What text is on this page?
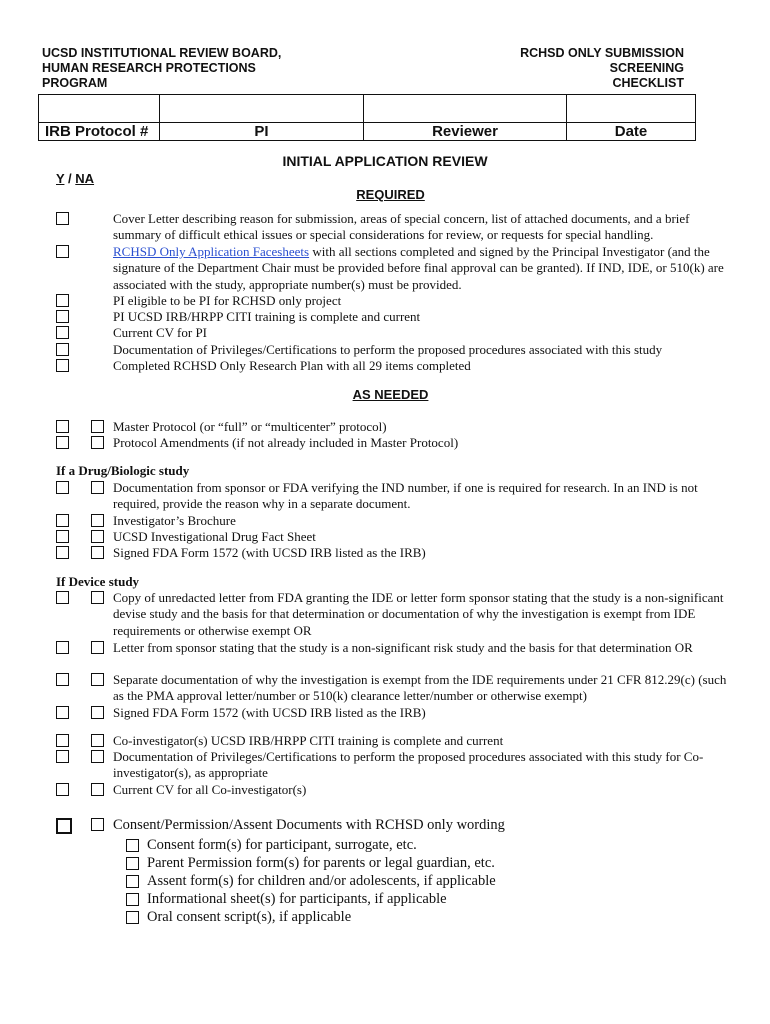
UCSD INSTITUTIONAL REVIEW BOARD,
HUMAN RESEARCH PROTECTIONS
PROGRAM
RCHSD ONLY SUBMISSION
SCREENING
CHECKLIST

IRB Protocol #	PI	Reviewer	Date
INITIAL APPLICATION REVIEW
Y / NA
REQUIRED
Cover Letter describing reason for submission, areas of special concern, list of attached documents, and a brief summary of difficult ethical issues or special considerations for review, or requests for special handling.
RCHSD Only Application Facesheets with all sections completed and signed by the Principal Investigator (and the signature of the Department Chair must be provided before final approval can be granted). If IND, IDE, or 510(k) are associated with the study, appropriate number(s) must be provided.
PI eligible to be PI for RCHSD only project
PI UCSD IRB/HRPP CITI training is complete and current
Current CV for PI
Documentation of Privileges/Certifications to perform the proposed procedures associated with this study
Completed RCHSD Only Research Plan with all 29 items completed
AS NEEDED
Master Protocol (or “full” or “multicenter” protocol)
Protocol Amendments (if not already included in Master Protocol)
If a Drug/Biologic study
Documentation from sponsor or FDA verifying the IND number, if one is required for research. In an IND is not required, provide the reason why in a separate document.
Investigator’s Brochure
UCSD Investigational Drug Fact Sheet
Signed FDA Form 1572 (with UCSD IRB listed as the IRB)
If Device study
Copy of unredacted letter from FDA granting the IDE or letter form sponsor stating that the study is a non-significant devise study and the basis for that determination or documentation of why the investigation is exempt from IDE requirements or otherwise exempt OR
Letter from sponsor stating that the study is a non-significant risk study and the basis for that determination OR
Separate documentation of why the investigation is exempt from the IDE requirements under 21 CFR 812.29(c) (such as the PMA approval letter/number or 510(k) clearance letter/number or otherwise exempt)
Signed FDA Form 1572 (with UCSD IRB listed as the IRB)
Co-investigator(s) UCSD IRB/HRPP CITI training is complete and current
Documentation of Privileges/Certifications to perform the proposed procedures associated with this study for Co-investigator(s), as appropriate
Current CV for all Co-investigator(s)
Consent/Permission/Assent Documents with RCHSD only wording
Consent form(s) for participant, surrogate, etc.
Parent Permission form(s) for parents or legal guardian, etc.
Assent form(s) for children and/or adolescents, if applicable
Informational sheet(s) for participants, if applicable
Oral consent script(s), if applicable
